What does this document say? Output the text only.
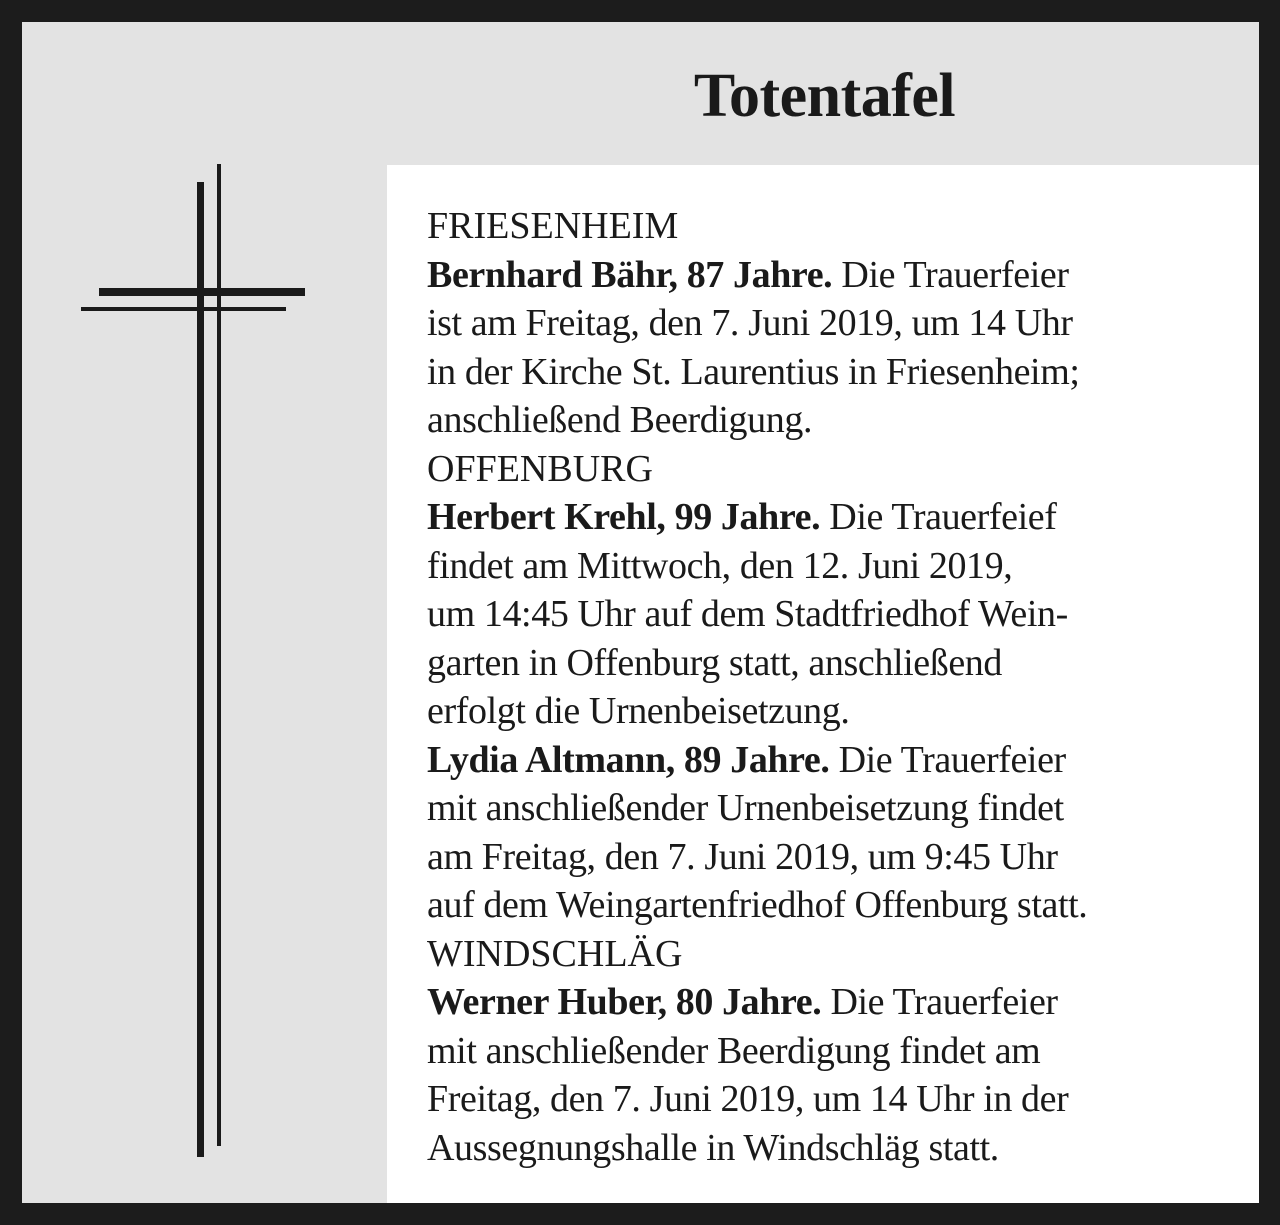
Totentafel
FRIESENHEIM
Bernhard Bähr, 87 Jahre. Die Trauerfeier
ist am Freitag, den 7. Juni 2019, um 14 Uhr
in der Kirche St. Laurentius in Friesenheim;
anschließend Beerdigung.
OFFENBURG
Herbert Krehl, 99 Jahre. Die Trauerfeief
findet am Mittwoch, den 12. Juni 2019,
um 14:45 Uhr auf dem Stadtfriedhof Wein-
garten in Offenburg statt, anschließend
erfolgt die Urnenbeisetzung.
Lydia Altmann, 89 Jahre. Die Trauerfeier
mit anschließender Urnenbeisetzung findet
am Freitag, den 7. Juni 2019, um 9:45 Uhr
auf dem Weingartenfriedhof Offenburg statt.
WINDSCHLÄG
Werner Huber, 80 Jahre. Die Trauerfeier
mit anschließender Beerdigung findet am
Freitag, den 7. Juni 2019, um 14 Uhr in der
Aussegnungshalle in Windschläg statt.
